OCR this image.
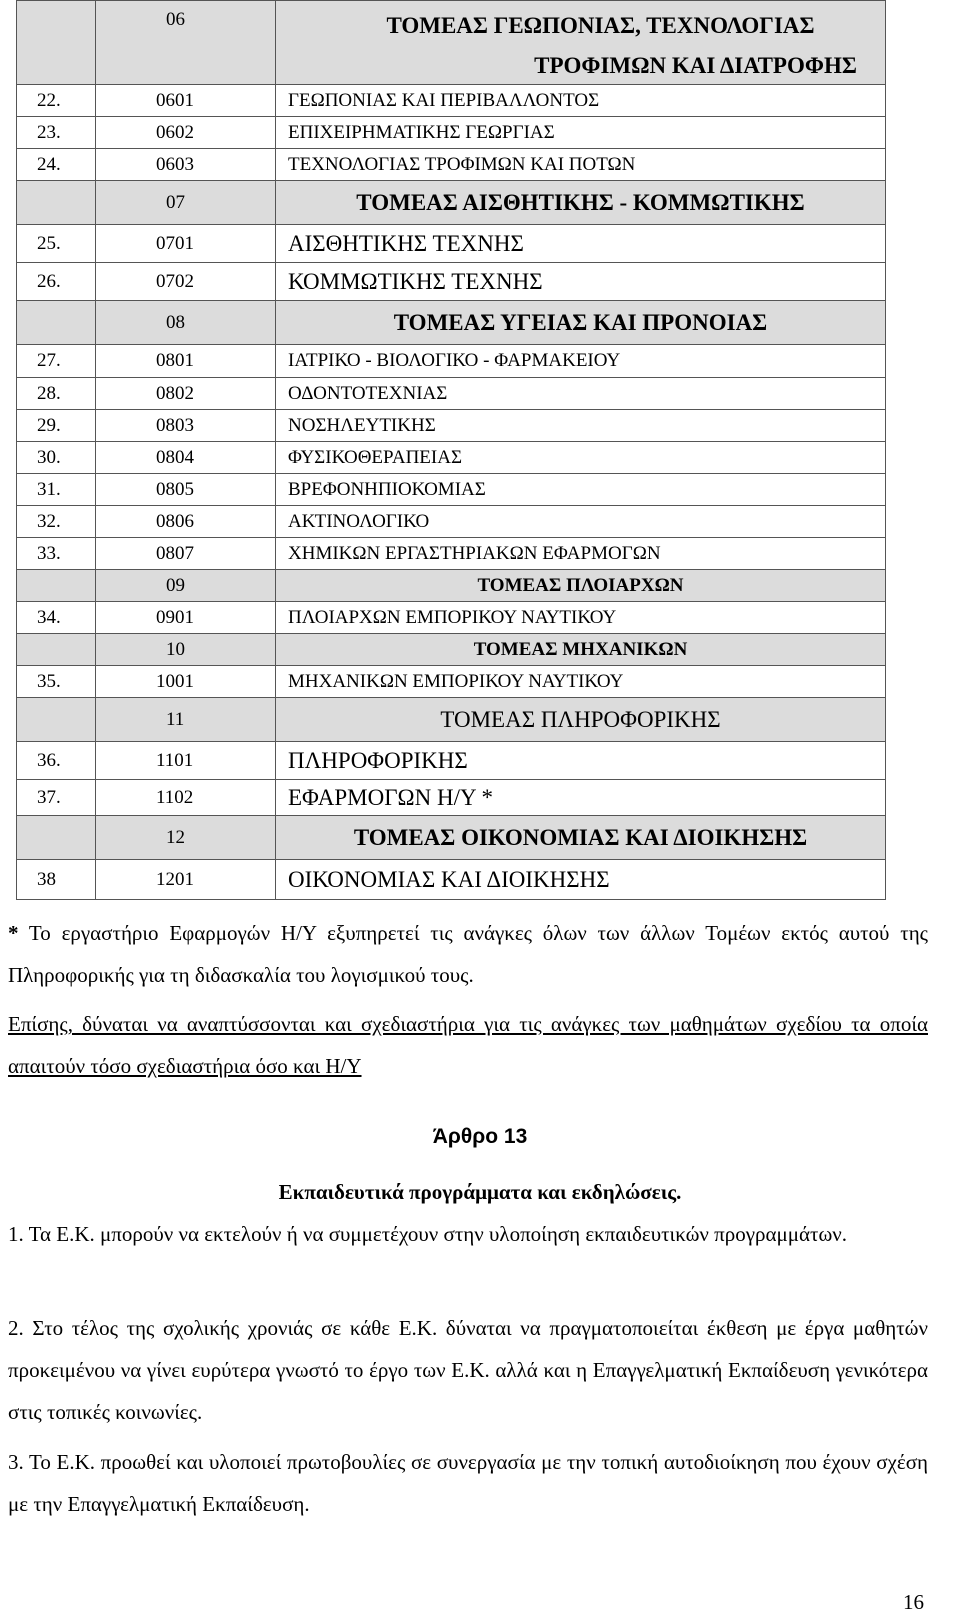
	06	ΤΟΜΕΑΣ ΓΕΩΠΟΝΙΑΣ, ΤΕΧΝΟΛΟΓΙΑΣ
ΤΡΟΦΙΜΩΝ ΚΑΙ ΔΙΑΤΡΟΦΗΣ

22.	0601	ΓΕΩΠΟΝΙΑΣ ΚΑΙ ΠΕΡΙΒΑΛΛΟΝΤΟΣ
23.	0602	ΕΠΙΧΕΙΡΗΜΑΤΙΚΗΣ ΓΕΩΡΓΙΑΣ
24.	0603	ΤΕΧΝΟΛΟΓΙΑΣ ΤΡΟΦΙΜΩΝ ΚΑΙ ΠΟΤΩΝ
	07	ΤΟΜΕΑΣ ΑΙΣΘΗΤΙΚΗΣ - ΚΟΜΜΩΤΙΚΗΣ
25.	0701	ΑΙΣΘΗΤΙΚΗΣ ΤΕΧΝΗΣ
26.	0702	ΚΟΜΜΩΤΙΚΗΣ ΤΕΧΝΗΣ
	08	ΤΟΜΕΑΣ ΥΓΕΙΑΣ ΚΑΙ ΠΡΟΝΟΙΑΣ
27.	0801	ΙΑΤΡΙΚΟ - ΒΙΟΛΟΓΙΚΟ - ΦΑΡΜΑΚΕΙΟΥ
28.	0802	ΟΔΟΝΤΟΤΕΧΝΙΑΣ
29.	0803	ΝΟΣΗΛΕΥΤΙΚΗΣ
30.	0804	ΦΥΣΙΚΟΘΕΡΑΠΕΙΑΣ
31.	0805	ΒΡΕΦΟΝΗΠΙΟΚΟΜΙΑΣ
32.	0806	ΑΚΤΙΝΟΛΟΓΙΚΟ
33.	0807	ΧΗΜΙΚΩΝ ΕΡΓΑΣΤΗΡΙΑΚΩΝ ΕΦΑΡΜΟΓΩΝ
	09	ΤΟΜΕΑΣ ΠΛΟΙΑΡΧΩΝ
34.	0901	ΠΛΟΙΑΡΧΩΝ ΕΜΠΟΡΙΚΟΥ ΝΑΥΤΙΚΟΥ
	10	ΤΟΜΕΑΣ ΜΗΧΑΝΙΚΩΝ
35.	1001	ΜΗΧΑΝΙΚΩΝ ΕΜΠΟΡΙΚΟΥ ΝΑΥΤΙΚΟΥ
	11	ΤΟΜΕΑΣ ΠΛΗΡΟΦΟΡΙΚΗΣ
36.	1101	ΠΛΗΡΟΦΟΡΙΚΗΣ
37.	1102	ΕΦΑΡΜΟΓΩΝ Η/Υ *
	12	ΤΟΜΕΑΣ ΟΙΚΟΝΟΜΙΑΣ ΚΑΙ ΔΙΟΙΚΗΣΗΣ
38	1201	ΟΙΚΟΝΟΜΙΑΣ ΚΑΙ ΔΙΟΙΚΗΣΗΣ

* Το εργαστήριο Εφαρμογών Η/Υ εξυπηρετεί τις ανάγκες όλων των άλλων Τομέων εκτός αυτού της Πληροφορικής για τη διδασκαλία του λογισμικού τους.

Επίσης, δύναται να αναπτύσσονται και σχεδιαστήρια για τις ανάγκες των μαθημάτων σχεδίου τα οποία απαιτούν τόσο σχεδιαστήρια όσο και Η/Υ

Άρθρο 13

Εκπαιδευτικά προγράμματα και εκδηλώσεις.

1. Τα Ε.Κ. μπορούν να εκτελούν ή να συμμετέχουν στην υλοποίηση εκπαιδευτικών προγραμμάτων.

2. Στο τέλος της σχολικής χρονιάς σε κάθε Ε.Κ. δύναται να πραγματοποιείται έκθεση με έργα μαθητών προκειμένου να γίνει ευρύτερα γνωστό το έργο των Ε.Κ. αλλά και η Επαγγελματική Εκπαίδευση γενικότερα στις τοπικές κοινωνίες.

3. Το Ε.Κ. προωθεί και υλοποιεί πρωτοβουλίες σε συνεργασία με την τοπική αυτοδιοίκηση που έχουν σχέση με την Επαγγελματική Εκπαίδευση.

16
